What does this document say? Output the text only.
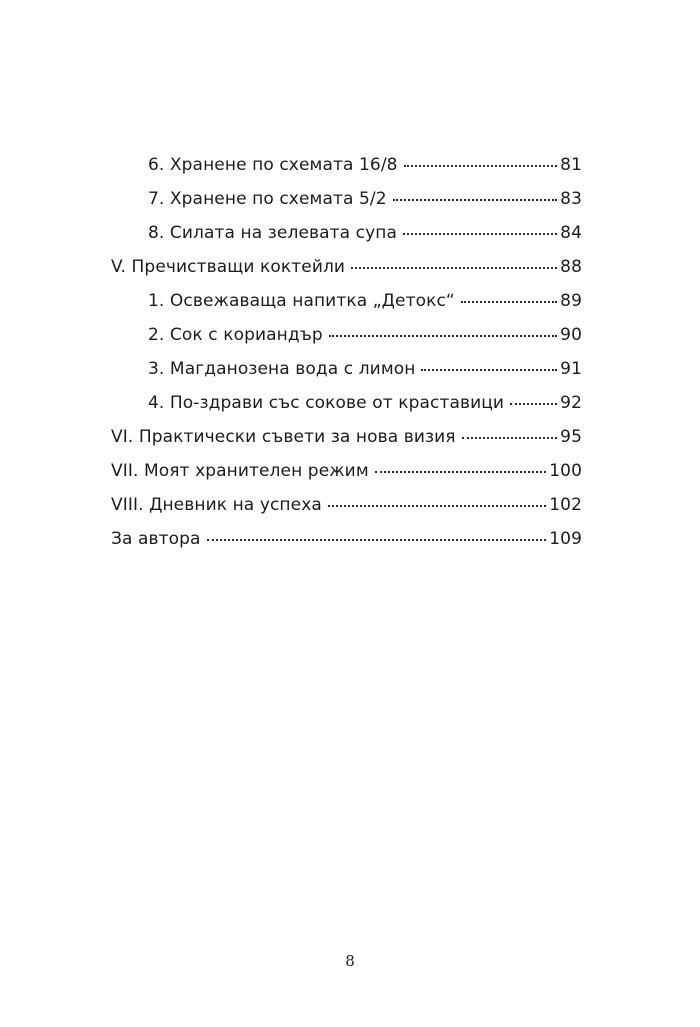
6. Хранене по схемата 16/8	81
7. Хранене по схемата 5/2	83
8. Силата на зелевата супа	84
V. Пречистващи коктейли	88
1. Освежаваща напитка „Детокс“	89
2. Сок с кориандър	90
3. Магданозена вода с лимон	91
4. По-здрави със сокове от краставици	92
VI. Практически съвети за нова визия	95
VII. Моят хранителен режим	100
VIII. Дневник на успеха	102
За автора	109
8
